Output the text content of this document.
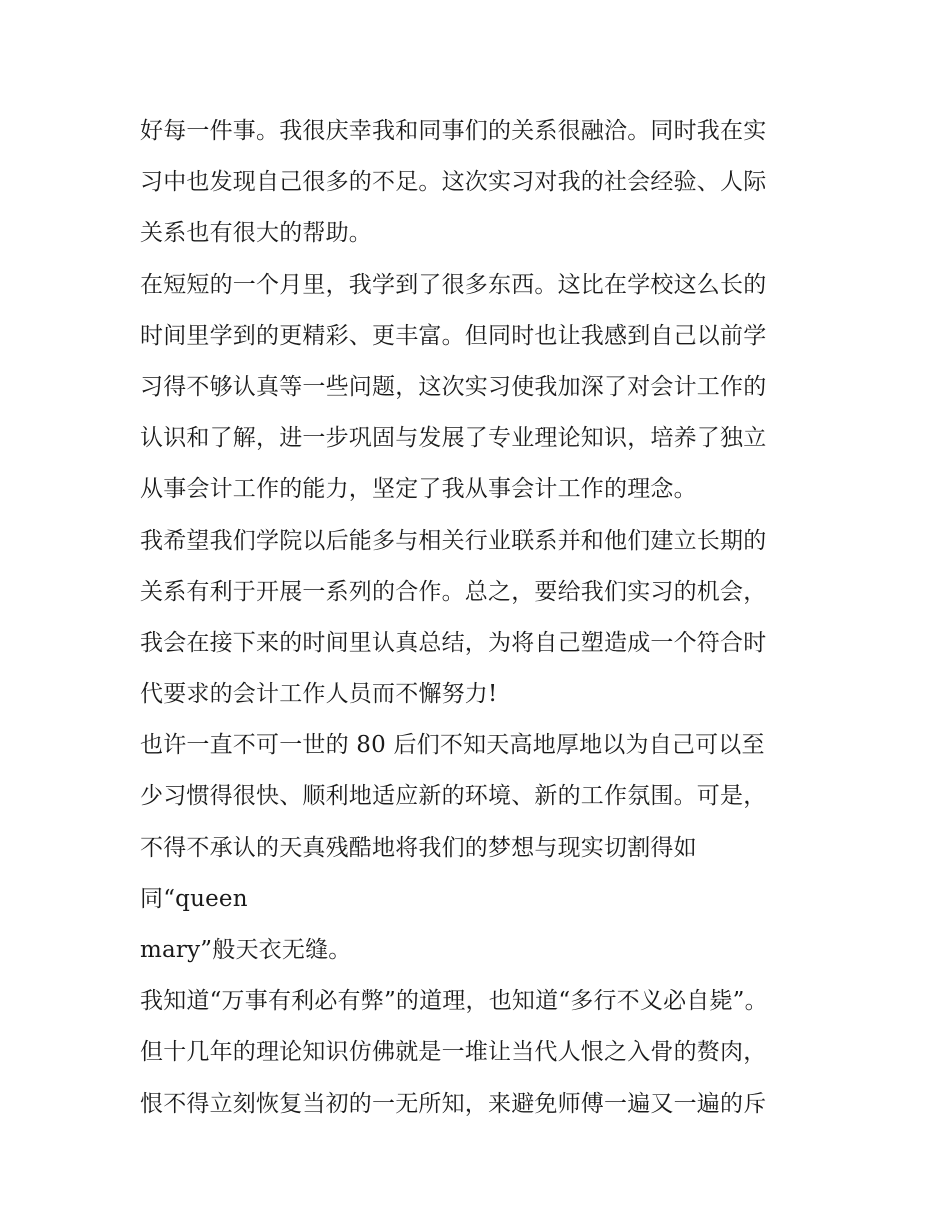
好每一件事。我很庆幸我和同事们的关系很融洽。同时我在实
习中也发现自己很多的不足。这次实习对我的社会经验、人际
关系也有很大的帮助。
在短短的一个月里，我学到了很多东西。这比在学校这么长的
时间里学到的更精彩、更丰富。但同时也让我感到自己以前学
习得不够认真等一些问题，这次实习使我加深了对会计工作的
认识和了解，进一步巩固与发展了专业理论知识，培养了独立
从事会计工作的能力，坚定了我从事会计工作的理念。
我希望我们学院以后能多与相关行业联系并和他们建立长期的
关系有利于开展一系列的合作。总之，要给我们实习的机会，
我会在接下来的时间里认真总结，为将自己塑造成一个符合时
代要求的会计工作人员而不懈努力!
也许一直不可一世的 80 后们不知天高地厚地以为自己可以至
少习惯得很快、顺利地适应新的环境、新的工作氛围。可是，
不得不承认的天真残酷地将我们的梦想与现实切割得如
同“queen
mary”般天衣无缝。
我知道“万事有利必有弊”的道理，也知道“多行不义必自毙”。
但十几年的理论知识仿佛就是一堆让当代人恨之入骨的赘肉，
恨不得立刻恢复当初的一无所知，来避免师傅一遍又一遍的斥
